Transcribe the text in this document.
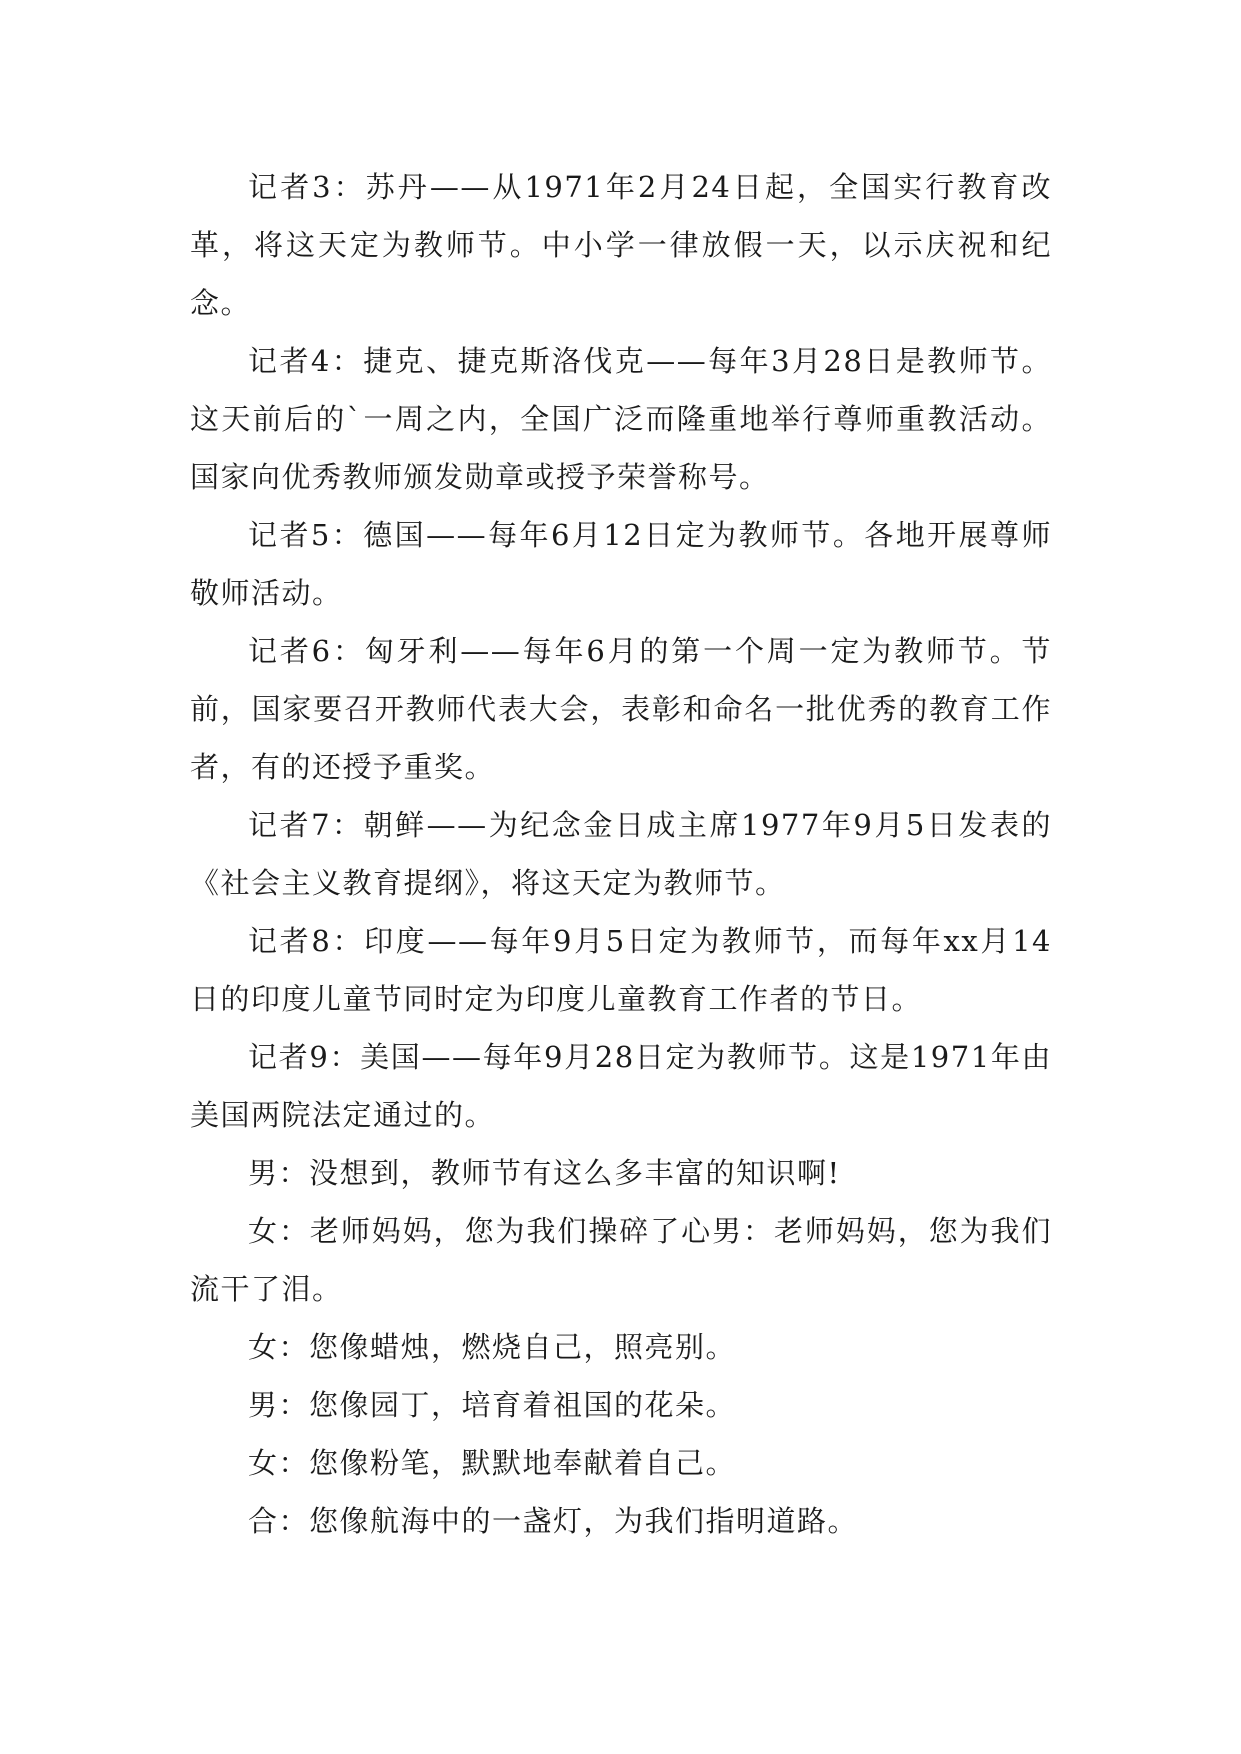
记者3：苏丹——从1971年2月24日起，全国实行教育改革，将这天定为教师节。中小学一律放假一天，以示庆祝和纪念。

记者4：捷克、捷克斯洛伐克——每年3月28日是教师节。这天前后的`一周之内，全国广泛而隆重地举行尊师重教活动。国家向优秀教师颁发勋章或授予荣誉称号。

记者5：德国——每年6月12日定为教师节。各地开展尊师敬师活动。

记者6：匈牙利——每年6月的第一个周一定为教师节。节前，国家要召开教师代表大会，表彰和命名一批优秀的教育工作者，有的还授予重奖。

记者7：朝鲜——为纪念金日成主席1977年9月5日发表的《社会主义教育提纲》，将这天定为教师节。

记者8：印度——每年9月5日定为教师节，而每年xx月14日的印度儿童节同时定为印度儿童教育工作者的节日。

记者9：美国——每年9月28日定为教师节。这是1971年由美国两院法定通过的。

男：没想到，教师节有这么多丰富的知识啊!

女：老师妈妈，您为我们操碎了心男：老师妈妈，您为我们流干了泪。

女：您像蜡烛，燃烧自己，照亮别。

男：您像园丁，培育着祖国的花朵。

女：您像粉笔，默默地奉献着自己。

合：您像航海中的一盏灯，为我们指明道路。
